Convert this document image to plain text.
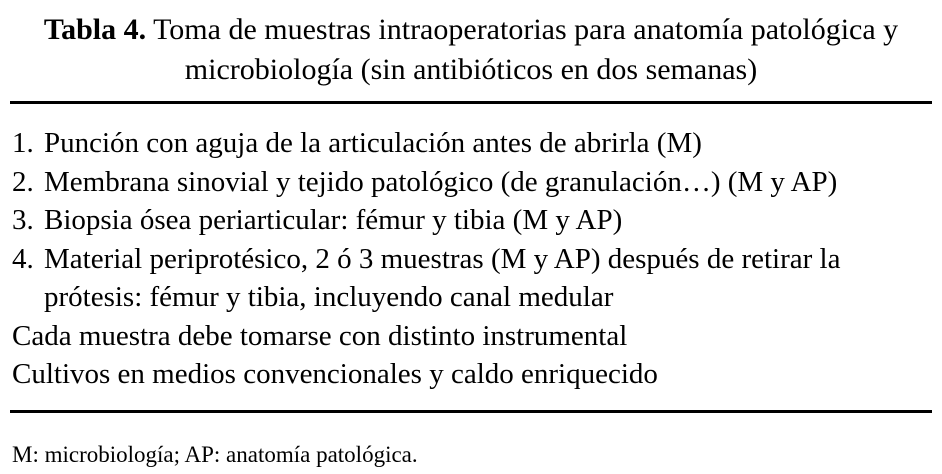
Tabla 4. Toma de muestras intraoperatorias para anatomía patológica y
microbiología (sin antibióticos en dos semanas)
1. Punción con aguja de la articulación antes de abrirla (M)
2. Membrana sinovial y tejido patológico (de granulación…) (M y AP)
3. Biopsia ósea periarticular: fémur y tibia (M y AP)
4. Material periprotésico, 2 ó 3 muestras (M y AP) después de retirar la prótesis: fémur y tibia, incluyendo canal medular
Cada muestra debe tomarse con distinto instrumental
Cultivos en medios convencionales y caldo enriquecido
M: microbiología; AP: anatomía patológica.
